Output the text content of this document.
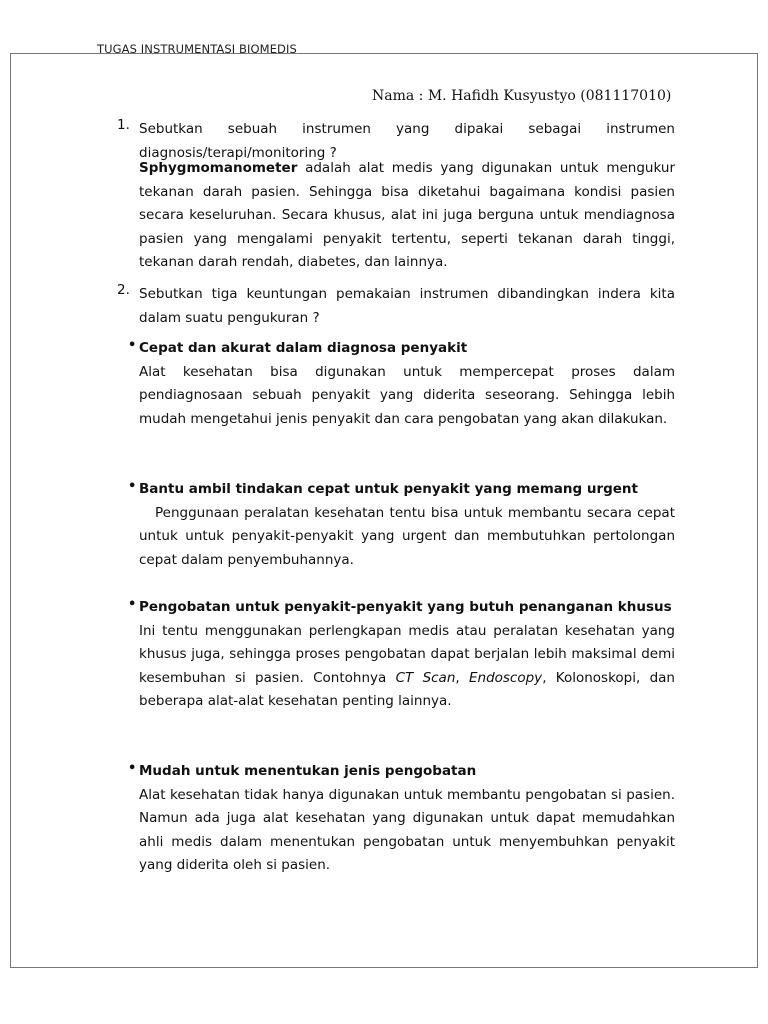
TUGAS INSTRUMENTASI BIOMEDIS
Nama : M. Hafidh Kusyustyo (081117010)
1. Sebutkan sebuah instrumen yang dipakai sebagai instrumen diagnosis/terapi/monitoring ?
Sphygmomanometer adalah alat medis yang digunakan untuk mengukur tekanan darah pasien. Sehingga bisa diketahui bagaimana kondisi pasien secara keseluruhan. Secara khusus, alat ini juga berguna untuk mendiagnosa pasien yang mengalami penyakit tertentu, seperti tekanan darah tinggi, tekanan darah rendah, diabetes, dan lainnya.
2. Sebutkan tiga keuntungan pemakaian instrumen dibandingkan indera kita dalam suatu pengukuran ?
• Cepat dan akurat dalam diagnosa penyakit
Alat kesehatan bisa digunakan untuk mempercepat proses dalam pendiagnosaan sebuah penyakit yang diderita seseorang. Sehingga lebih mudah mengetahui jenis penyakit dan cara pengobatan yang akan dilakukan.
• Bantu ambil tindakan cepat untuk penyakit yang memang urgent
Penggunaan peralatan kesehatan tentu bisa untuk membantu secara cepat untuk untuk penyakit-penyakit yang urgent dan membutuhkan pertolongan cepat dalam penyembuhannya.
• Pengobatan untuk penyakit-penyakit yang butuh penanganan khusus
Ini tentu menggunakan perlengkapan medis atau peralatan kesehatan yang khusus juga, sehingga proses pengobatan dapat berjalan lebih maksimal demi kesembuhan si pasien. Contohnya CT Scan, Endoscopy, Kolonoskopi, dan beberapa alat-alat kesehatan penting lainnya.
• Mudah untuk menentukan jenis pengobatan
Alat kesehatan tidak hanya digunakan untuk membantu pengobatan si pasien. Namun ada juga alat kesehatan yang digunakan untuk dapat memudahkan ahli medis dalam menentukan pengobatan untuk menyembuhkan penyakit yang diderita oleh si pasien.
